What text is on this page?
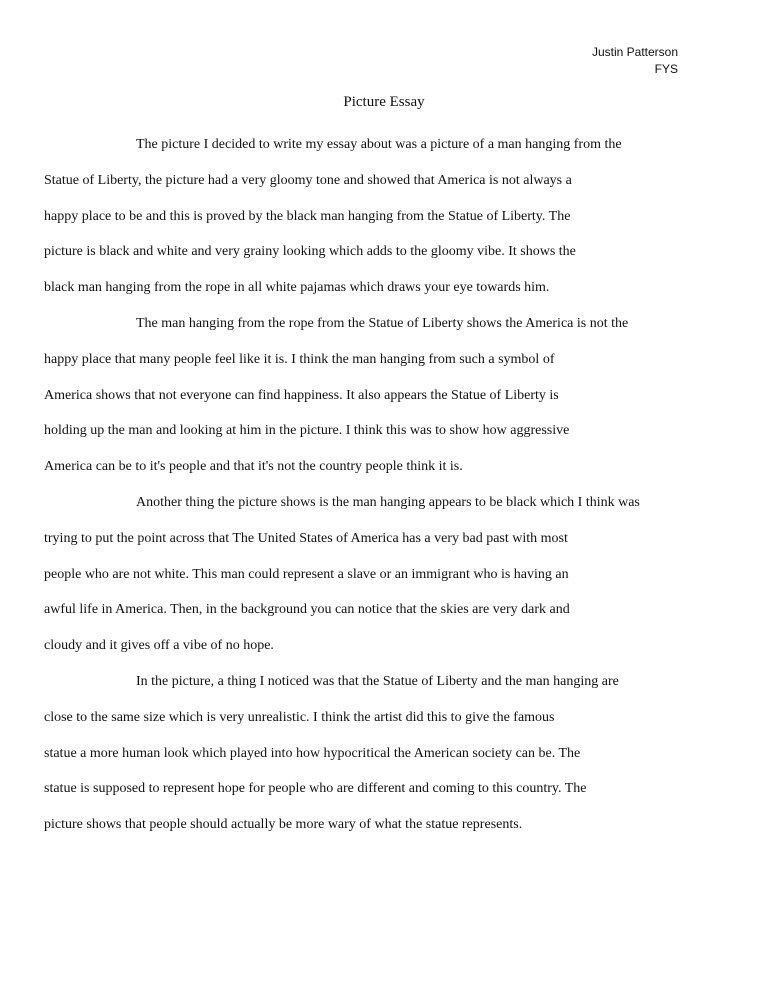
Justin Patterson
FYS
Picture Essay

The picture I decided to write my essay about was a picture of a man hanging from the
Statue of Liberty, the picture had a very gloomy tone and showed that America is not always a
happy place to be and this is proved by the black man hanging from the Statue of Liberty. The
picture is black and white and very grainy looking which adds to the gloomy vibe. It shows the
black man hanging from the rope in all white pajamas which draws your eye towards him.

The man hanging from the rope from the Statue of Liberty shows the America is not the
happy place that many people feel like it is. I think the man hanging from such a symbol of
America shows that not everyone can find happiness. It also appears the Statue of Liberty is
holding up the man and looking at him in the picture. I think this was to show how aggressive
America can be to it's people and that it's not the country people think it is.

Another thing the picture shows is the man hanging appears to be black which I think was
trying to put the point across that The United States of America has a very bad past with most
people who are not white. This man could represent a slave or an immigrant who is having an
awful life in America. Then, in the background you can notice that the skies are very dark and
cloudy and it gives off a vibe of no hope.

In the picture, a thing I noticed was that the Statue of Liberty and the man hanging are
close to the same size which is very unrealistic. I think the artist did this to give the famous
statue a more human look which played into how hypocritical the American society can be. The
statue is supposed to represent hope for people who are different and coming to this country. The
picture shows that people should actually be more wary of what the statue represents.
